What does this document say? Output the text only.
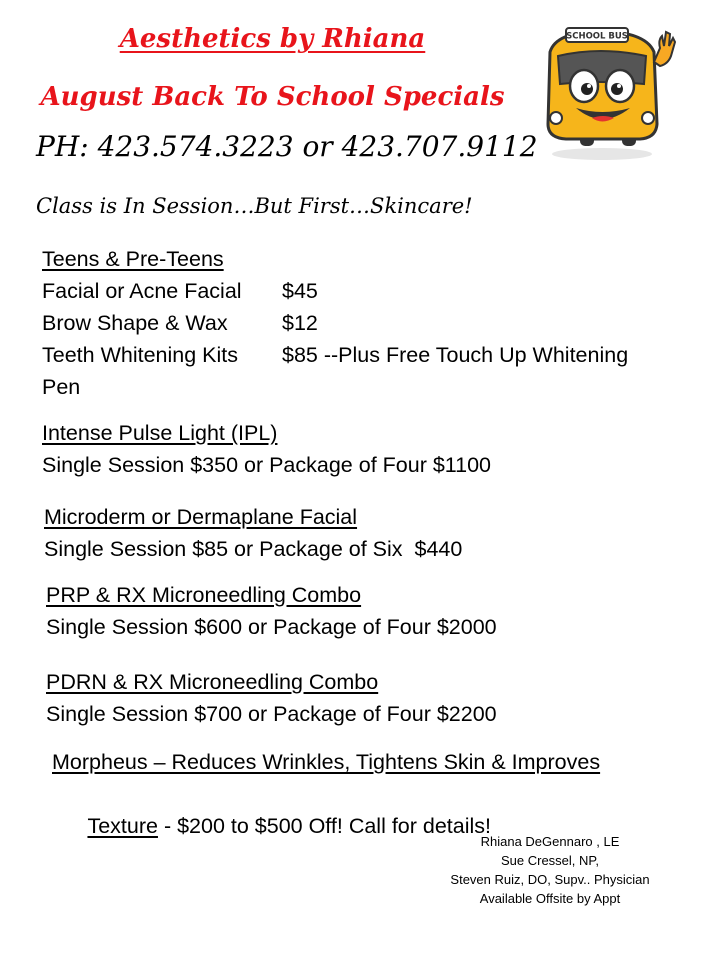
Aesthetics by Rhiana
August Back To School Specials
PH: 423.574.3223 or 423.707.9112
Class is In Session…But First…Skincare!
SCHOOL BUS
Teens & Pre-Teens
Facial or Acne Facial	$45
Brow Shape & Wax	$12
Teeth Whitening Kits	$85 --Plus Free Touch Up Whitening
Pen
Intense Pulse Light (IPL)
Single Session $350 or Package of Four $1100
Microderm or Dermaplane Facial
Single Session $85 or Package of Six  $440
PRP & RX Microneedling Combo
Single Session $600 or Package of Four $2000
PDRN & RX Microneedling Combo
Single Session $700 or Package of Four $2200
Morpheus – Reduces Wrinkles, Tightens Skin & Improves

Texture - $200 to $500 Off! Call for details!

Rhiana DeGennaro , LE
Sue Cressel, NP,
Steven Ruiz, DO, Supv.. Physician
Available Offsite by Appt
